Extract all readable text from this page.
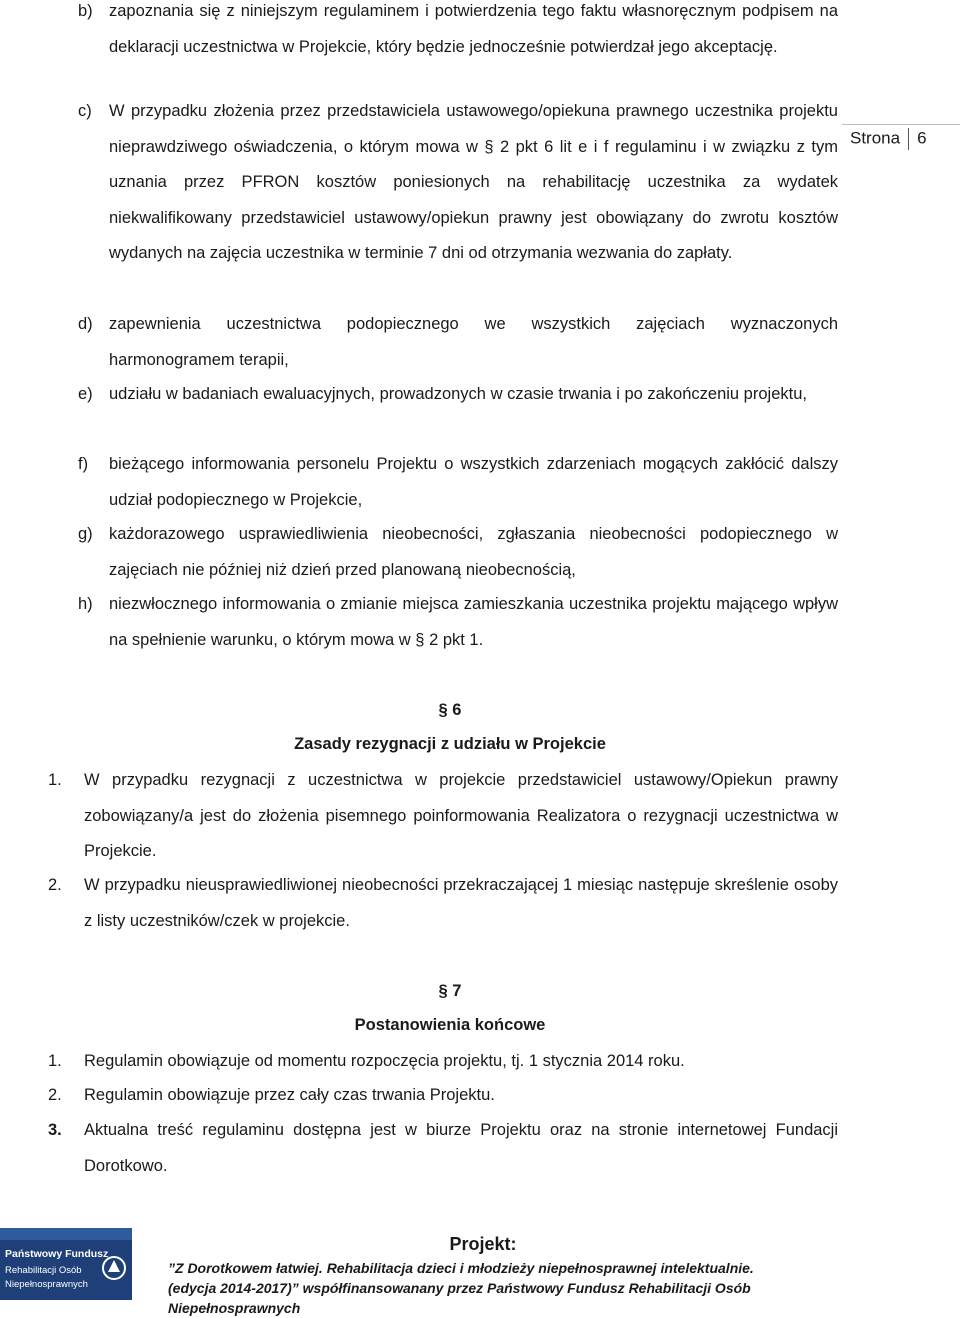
Strona 6
b) zapoznania się z niniejszym regulaminem i potwierdzenia tego faktu własnoręcznym podpisem na deklaracji uczestnictwa w Projekcie, który będzie jednocześnie potwierdzał jego akceptację.
c) W przypadku złożenia przez przedstawiciela ustawowego/opiekuna prawnego uczestnika projektu nieprawdziwego oświadczenia, o którym mowa w § 2 pkt 6 lit e i f regulaminu i w związku z tym uznania przez PFRON kosztów poniesionych na rehabilitację uczestnika za wydatek niekwalifikowany przedstawiciel ustawowy/opiekun prawny jest obowiązany do zwrotu kosztów wydanych na zajęcia uczestnika w terminie 7 dni od otrzymania wezwania do zapłaty.
d) zapewnienia uczestnictwa podopiecznego we wszystkich zajęciach wyznaczonych harmonogramem terapii,
e) udziału w badaniach ewaluacyjnych, prowadzonych w czasie trwania i po zakończeniu projektu,
f) bieżącego informowania personelu Projektu o wszystkich zdarzeniach mogących zakłócić dalszy udział podopiecznego w Projekcie,
g) każdorazowego usprawiedliwienia nieobecności, zgłaszania nieobecności podopiecznego w zajęciach nie później niż dzień przed planowaną nieobecnością,
h) niezwłocznego informowania o zmianie miejsca zamieszkania uczestnika projektu mającego wpływ na spełnienie warunku, o którym mowa w § 2 pkt 1.
§ 6
Zasady rezygnacji z udziału w Projekcie
1. W przypadku rezygnacji z uczestnictwa w projekcie przedstawiciel ustawowy/Opiekun prawny zobowiązany/a jest do złożenia pisemnego poinformowania Realizatora o rezygnacji uczestnictwa w Projekcie.
2. W przypadku nieusprawiedliwionej nieobecności przekraczającej 1 miesiąc następuje skreślenie osoby z listy uczestników/czek w projekcie.
§ 7
Postanowienia końcowe
1. Regulamin obowiązuje od momentu rozpoczęcia projektu, tj. 1 stycznia 2014 roku.
2. Regulamin obowiązuje przez cały czas trwania Projektu.
3. Aktualna treść regulaminu dostępna jest w biurze Projektu oraz na stronie internetowej Fundacji Dorotkowo.
Państwowy Fundusz
Rehabilitacji Osób
Niepełnosprawnych
Projekt:
”Z Dorotkowem łatwiej. Rehabilitacja dzieci i młodzieży niepełnosprawnej intelektualnie. (edycja 2014-2017)” współfinansowanany przez Państwowy Fundusz Rehabilitacji Osób Niepełnosprawnych
